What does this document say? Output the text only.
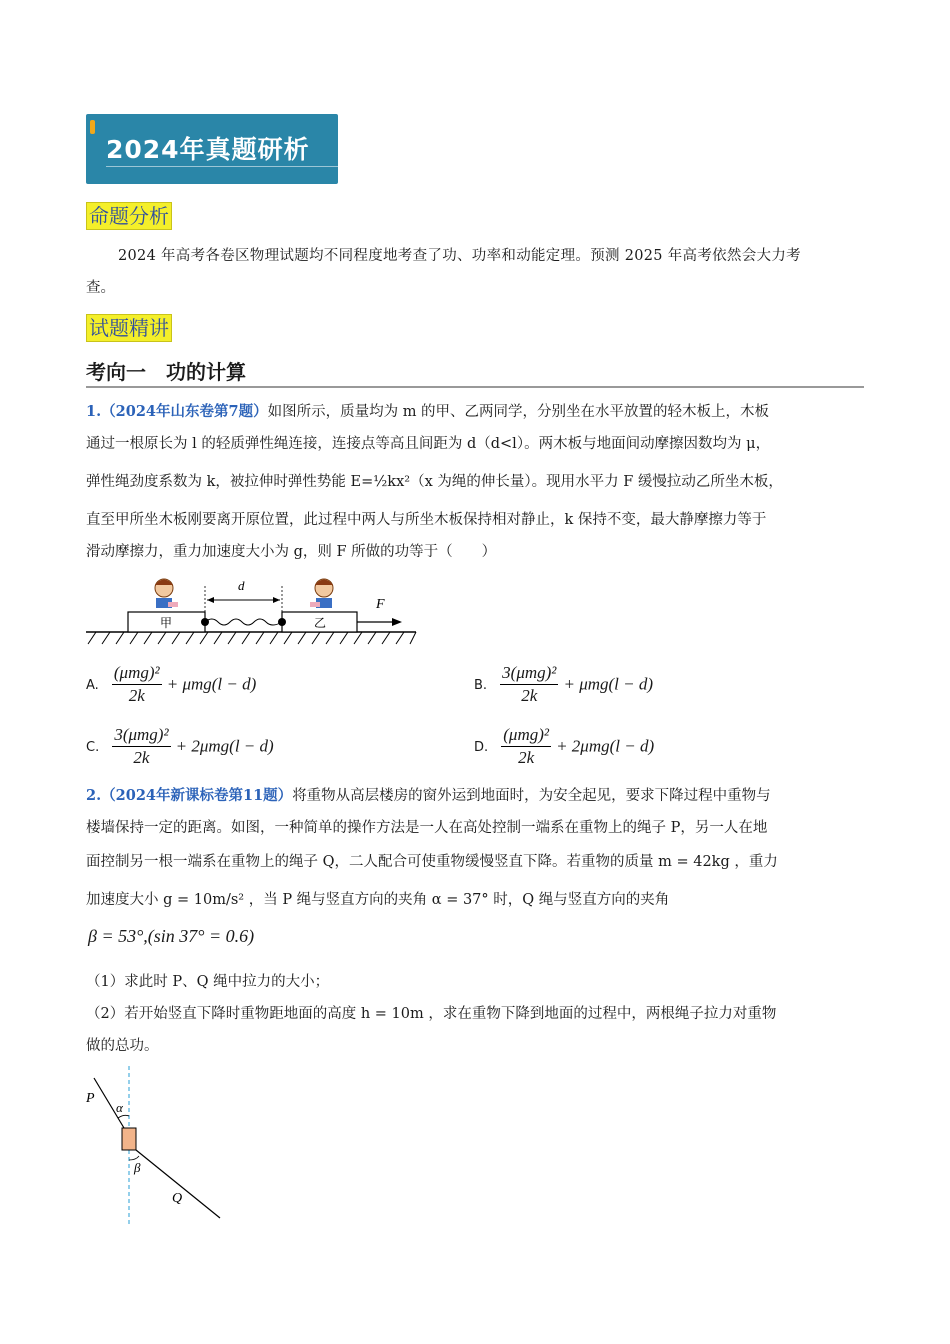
2024年真题研析
命题分析
2024 年高考各卷区物理试题均不同程度地考查了功、功率和动能定理。预测 2025 年高考依然会大力考
查。
试题精讲
考向一　功的计算
1.（2024年山东卷第7题）如图所示，质量均为 m 的甲、乙两同学，分别坐在水平放置的轻木板上，木板
通过一根原长为 l 的轻质弹性绳连接，连接点等高且间距为 d（d<l）。两木板与地面间动摩擦因数均为 μ，
弹性绳劲度系数为 k，被拉伸时弹性势能 E=½kx²（x 为绳的伸长量）。现用水平力 F 缓慢拉动乙所坐木板，
直至甲所坐木板刚要离开原位置，此过程中两人与所坐木板保持相对静止，k 保持不变，最大静摩擦力等于
滑动摩擦力，重力加速度大小为 g，则 F 所做的功等于（　　）
甲	乙
d
F
A. $\frac{\text{(μmg)²}}{2k} + \mu mg(l - d)$	B. $\frac{\text{3(μmg)²}}{2k} + \mu mg(l - d)$
C. $\frac{\text{3(μmg)²}}{2k} + 2\mu mg(l - d)$	D. $\frac{\text{(μmg)²}}{2k} + 2\mu mg(l - d)$
2.（2024年新课标卷第11题）将重物从高层楼房的窗外运到地面时，为安全起见，要求下降过程中重物与
楼墙保持一定的距离。如图，一种简单的操作方法是一人在高处控制一端系在重物上的绳子 P，另一人在地
面控制另一根一端系在重物上的绳子 Q，二人配合可使重物缓慢竖直下降。若重物的质量 m = 42kg ，重力
加速度大小 g = 10m/s² ，当 P 绳与竖直方向的夹角 α = 37° 时，Q 绳与竖直方向的夹角
β = 53°,(sin 37° = 0.6)
（1）求此时 P、Q 绳中拉力的大小；
（2）若开始竖直下降时重物距地面的高度 h = 10m ，求在重物下降到地面的过程中，两根绳子拉力对重物
做的总功。
P
α
β
Q
